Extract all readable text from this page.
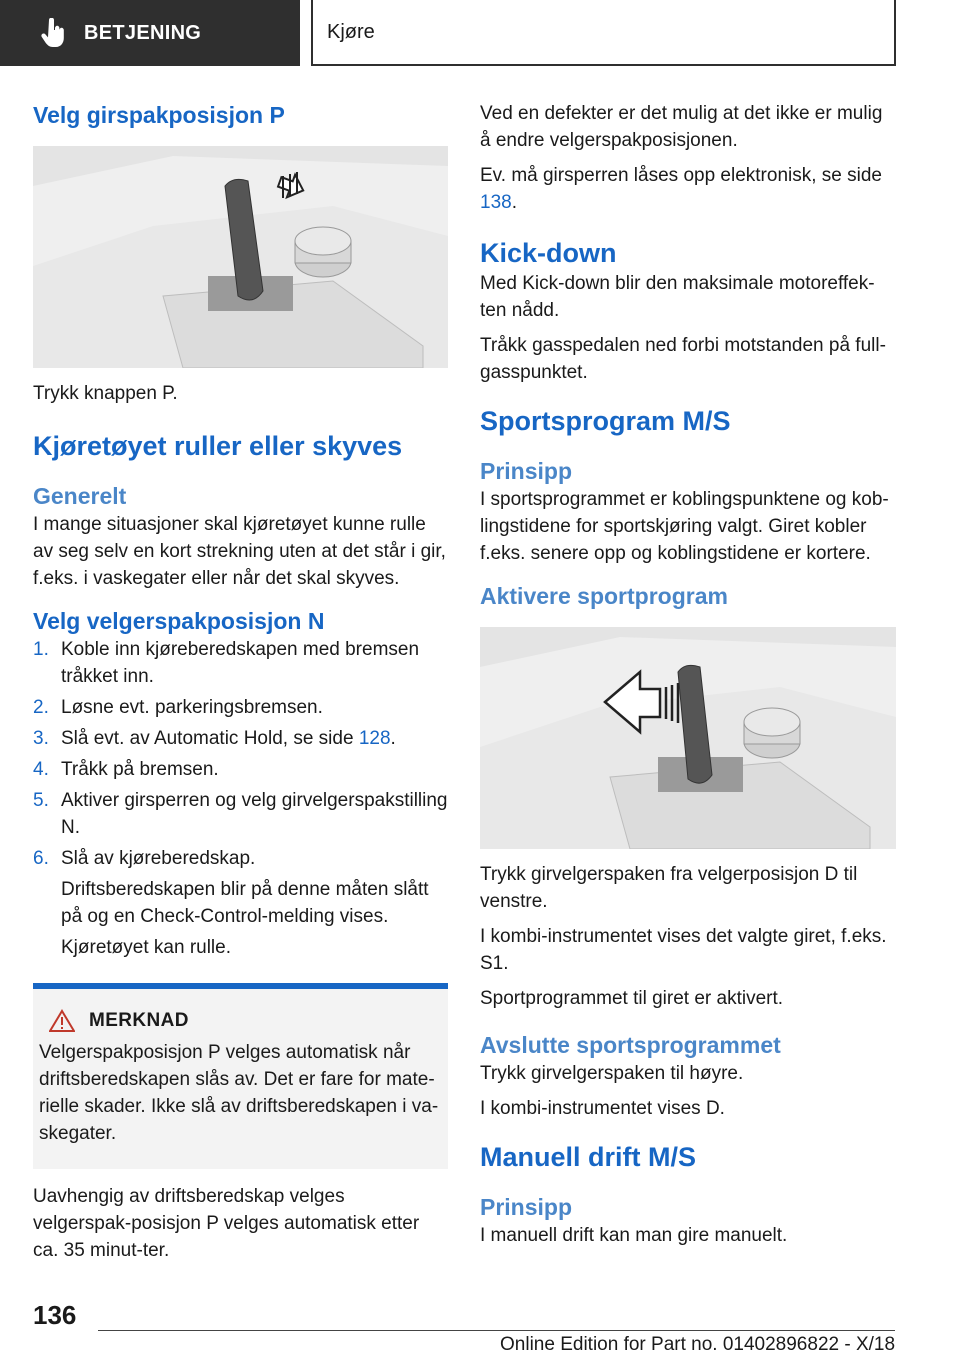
BETJENING	Kjøre
Velg girspakposisjon P
Trykk knappen P.
Kjøretøyet ruller eller skyves
Generelt
I mange situasjoner skal kjøretøyet kunne rulle av seg selv en kort strekning uten at det står i gir, f.eks. i vaskegater eller når det skal skyves.
Velg velgerspakposisjon N
1. Koble inn kjøreberedskapen med bremsen tråkket inn.
2. Løsne evt. parkeringsbremsen.
3. Slå evt. av Automatic Hold, se side 128.
4. Tråkk på bremsen.
5. Aktiver girsperren og velg girvelgerspakstilling N.
6. Slå av kjøreberedskap.
Driftsberedskapen blir på denne måten slått på og en Check-Control-melding vises.
Kjøretøyet kan rulle.
MERKNAD
Velgerspakposisjon P velges automatisk når driftsberedskapen slås av. Det er fare for mate-rielle skader. Ikke slå av driftsberedskapen i va-skegater.
Uavhengig av driftsberedskap velges velgerspak-posisjon P velges automatisk etter ca. 35 minut-ter.
Ved en defekter er det mulig at det ikke er mulig å endre velgerspakposisjonen.
Ev. må girsperren låses opp elektronisk, se side 138.
Kick-down
Med Kick-down blir den maksimale motoreffek-ten nådd.
Tråkk gasspedalen ned forbi motstanden på full-gasspunktet.
Sportsprogram M/S
Prinsipp
I sportsprogrammet er koblingspunktene og kob-lingstidene for sportskjøring valgt. Giret kobler f.eks. senere opp og koblingstidene er kortere.
Aktivere sportprogram
Trykk girvelgerspaken fra velgerposisjon D til venstre.
I kombi-instrumentet vises det valgte giret, f.eks. S1.
Sportprogrammet til giret er aktivert.
Avslutte sportsprogrammet
Trykk girvelgerspaken til høyre.
I kombi-instrumentet vises D.
Manuell drift M/S
Prinsipp
I manuell drift kan man gire manuelt.
136
Online Edition for Part no. 01402896822 - X/18
